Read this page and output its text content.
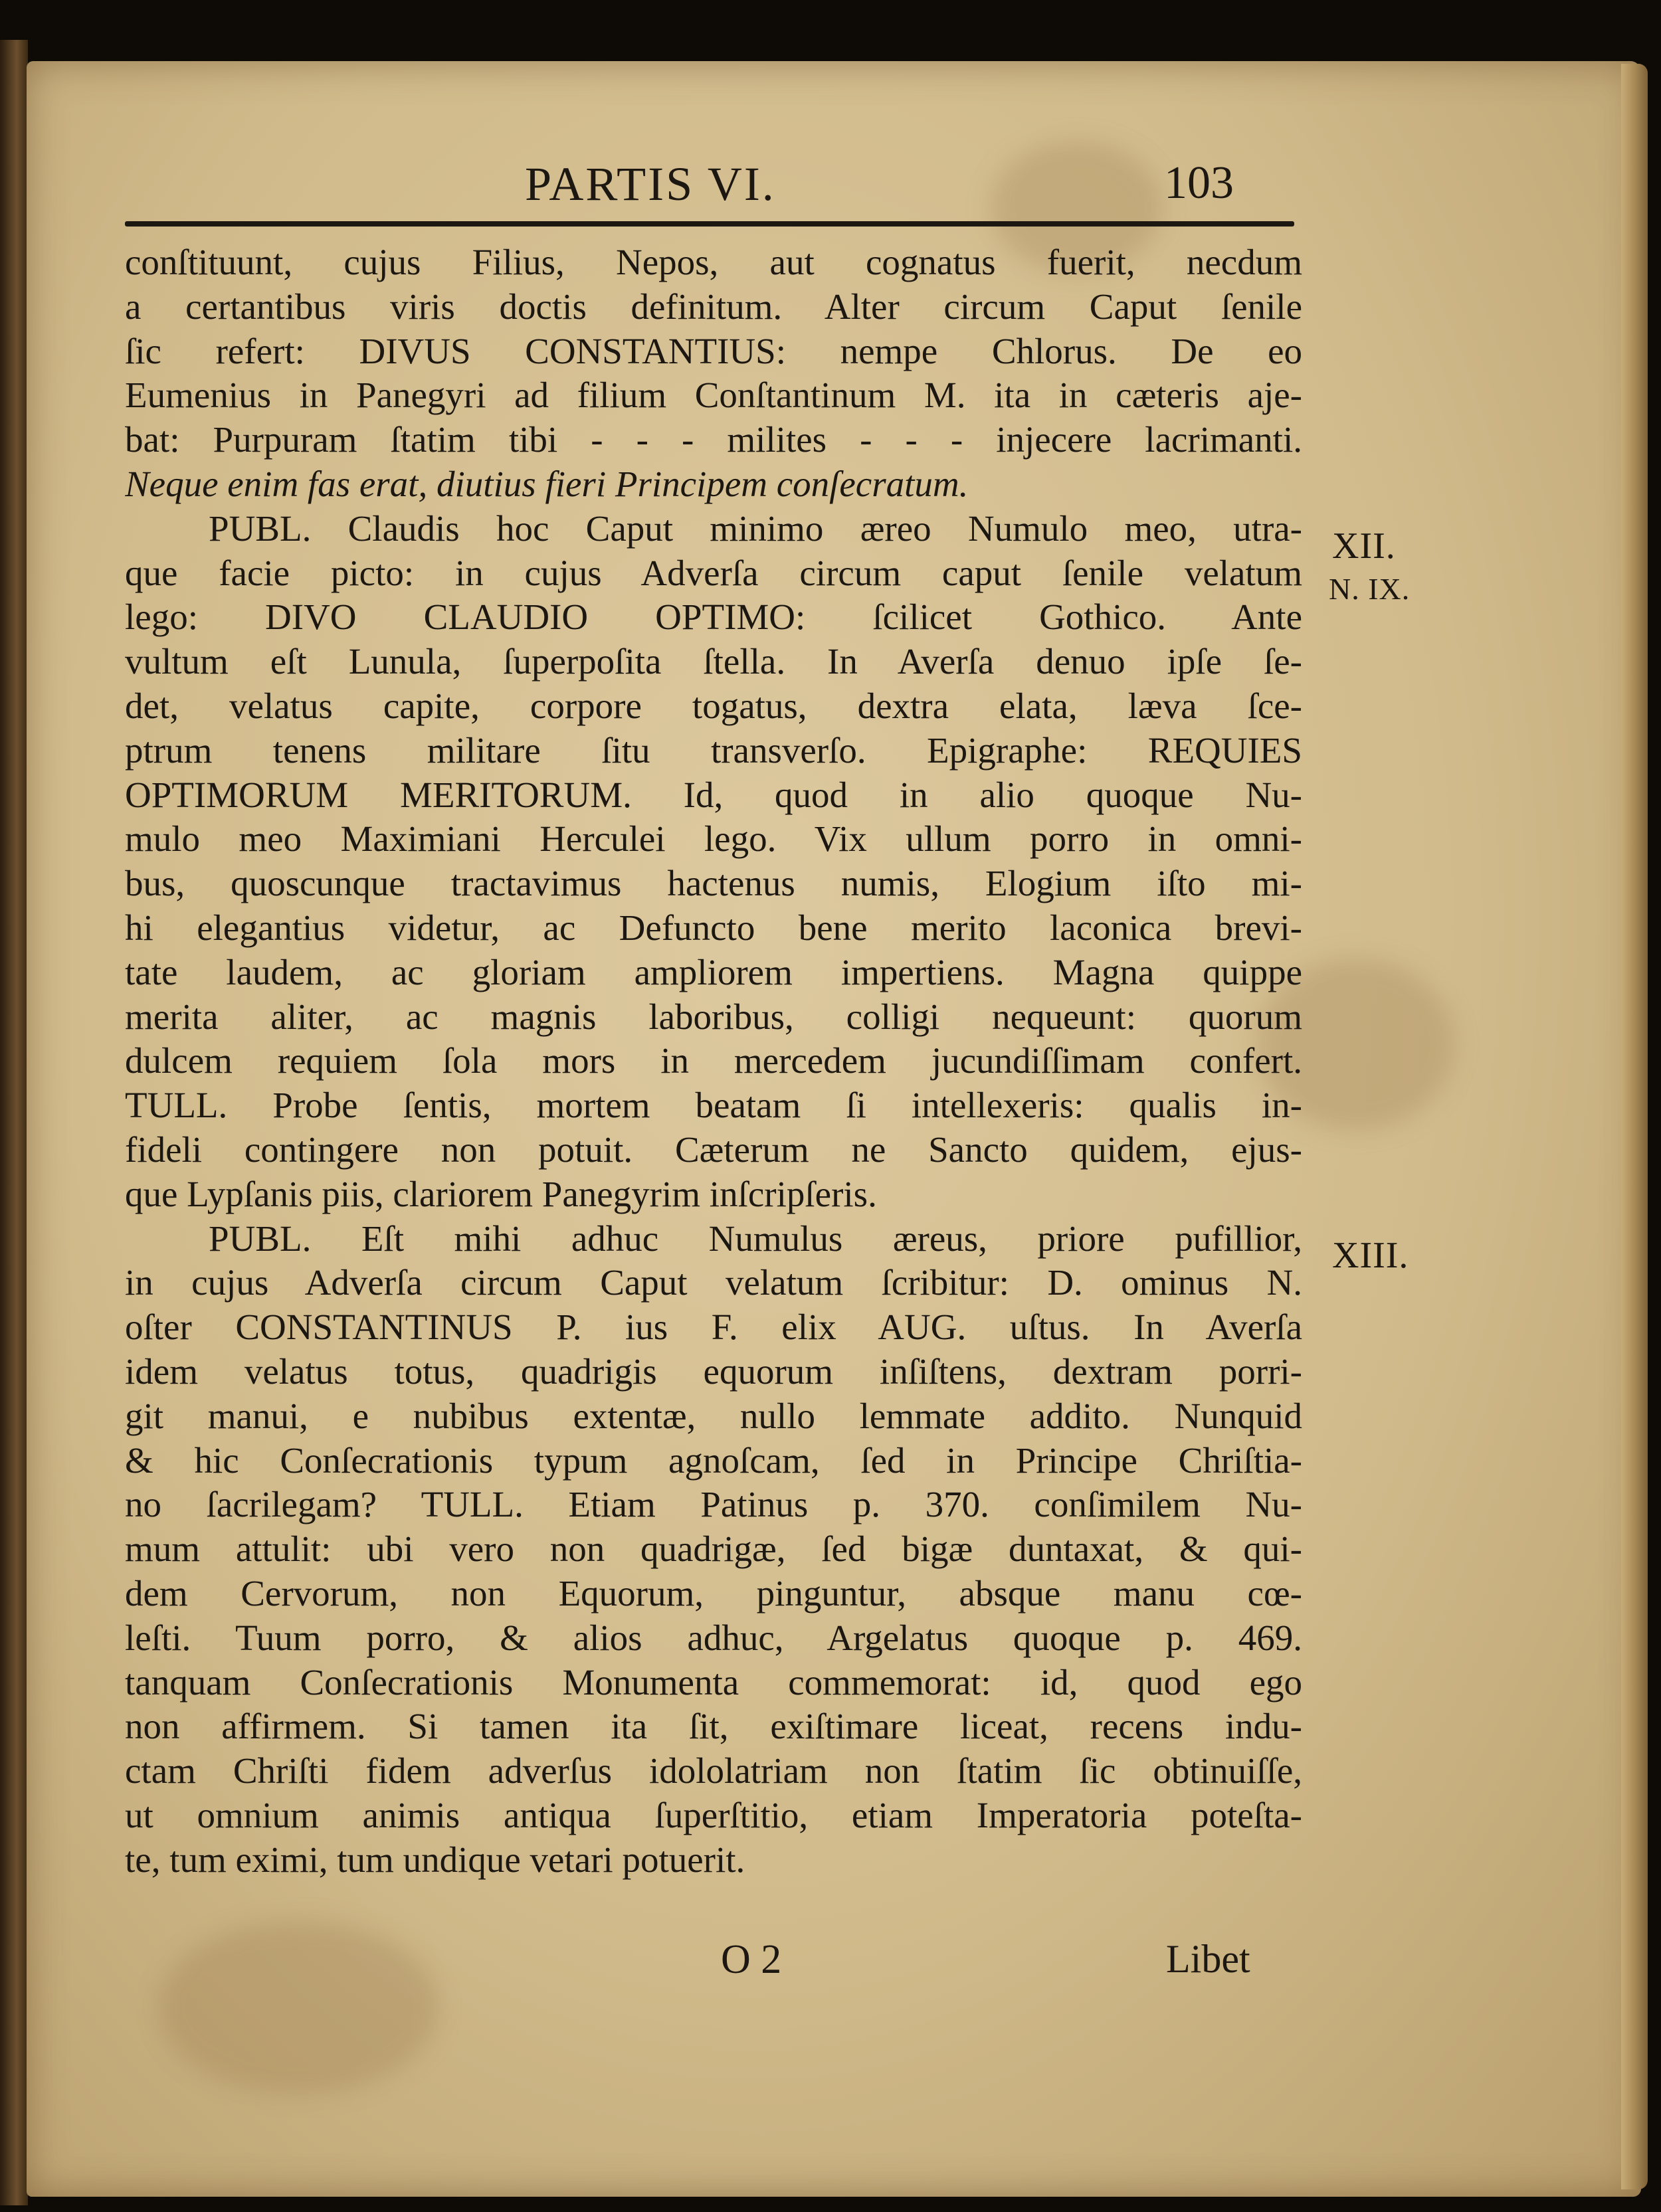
PARTIS VI.	103
conſtituunt, cujus Filius, Nepos, aut cognatus fuerit, necdum
a certantibus viris doctis definitum. Alter circum Caput ſenile
ſic refert: DIVUS CONSTANTIUS: nempe Chlorus. De eo
Eumenius in Panegyri ad filium Conſtantinum M. ita in cæteris aje-
bat: Purpuram ſtatim tibi - - - milites - - - injecere lacrimanti.
Neque enim fas erat, diutius fieri Principem conſecratum.
PUBL. Claudis hoc Caput minimo æreo Numulo meo, utra-
que facie picto: in cujus Adverſa circum caput ſenile velatum
lego: DIVO CLAUDIO OPTIMO: ſcilicet Gothico. Ante
vultum eſt Lunula, ſuperpoſita ſtella. In Averſa denuo ipſe ſe-
det, velatus capite, corpore togatus, dextra elata, læva ſce-
ptrum tenens militare ſitu transverſo. Epigraphe: REQUIES
OPTIMORUM MERITORUM. Id, quod in alio quoque Nu-
mulo meo Maximiani Herculei lego. Vix ullum porro in omni-
bus, quoscunque tractavimus hactenus numis, Elogium iſto mi-
hi elegantius videtur, ac Defuncto bene merito laconica brevi-
tate laudem, ac gloriam ampliorem impertiens. Magna quippe
merita aliter, ac magnis laboribus, colligi nequeunt: quorum
dulcem requiem ſola mors in mercedem jucundiſſimam confert.
TULL. Probe ſentis, mortem beatam ſi intellexeris: qualis in-
fideli contingere non potuit. Cæterum ne Sancto quidem, ejus-
que Lypſanis piis, clariorem Panegyrim inſcripſeris.
PUBL. Eſt mihi adhuc Numulus æreus, priore pufillior,
in cujus Adverſa circum Caput velatum ſcribitur: D. ominus N.
oſter CONSTANTINUS P. ius F. elix AUG. uſtus. In Averſa
idem velatus totus, quadrigis equorum inſiſtens, dextram porri-
git manui, e nubibus extentæ, nullo lemmate addito. Nunquid
& hic Conſecrationis typum agnoſcam, ſed in Principe Chriſtia-
no ſacrilegam? TULL. Etiam Patinus p. 370. conſimilem Nu-
mum attulit: ubi vero non quadrigæ, ſed bigæ duntaxat, & qui-
dem Cervorum, non Equorum, pinguntur, absque manu cœ-
leſti. Tuum porro, & alios adhuc, Argelatus quoque p. 469.
tanquam Conſecrationis Monumenta commemorat: id, quod ego
non affirmem. Si tamen ita ſit, exiſtimare liceat, recens indu-
ctam Chriſti fidem adverſus idololatriam non ſtatim ſic obtinuiſſe,
ut omnium animis antiqua ſuperſtitio, etiam Imperatoria poteſta-
te, tum eximi, tum undique vetari potuerit.
XII.
N. IX.
XIII.
O 2	Libet
